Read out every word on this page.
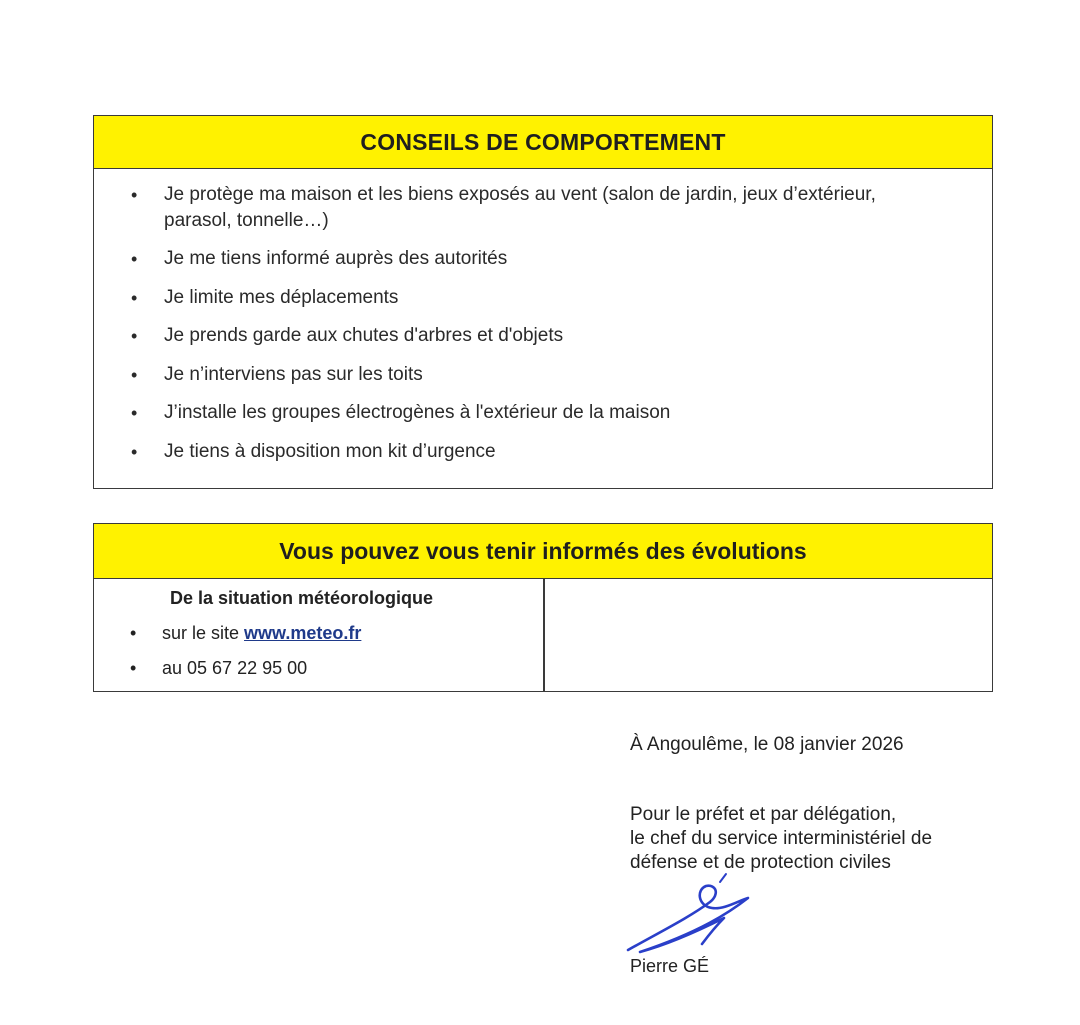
CONSEILS DE COMPORTEMENT
• Je protège ma maison et les biens exposés au vent (salon de jardin, jeux d’extérieur,
parasol, tonnelle…)
• Je me tiens informé auprès des autorités
• Je limite mes déplacements
• Je prends garde aux chutes d'arbres et d'objets
• Je n’interviens pas sur les toits
• J’installe les groupes électrogènes à l'extérieur de la maison
• Je tiens à disposition mon kit d’urgence
Vous pouvez vous tenir informés des évolutions
De la situation météorologique
• sur le site www.meteo.fr
• au 05 67 22 95 00
À Angoulême, le 08 janvier 2026
Pour le préfet et par délégation,
le chef du service interministériel de
défense et de protection civiles
Pierre GÉ
